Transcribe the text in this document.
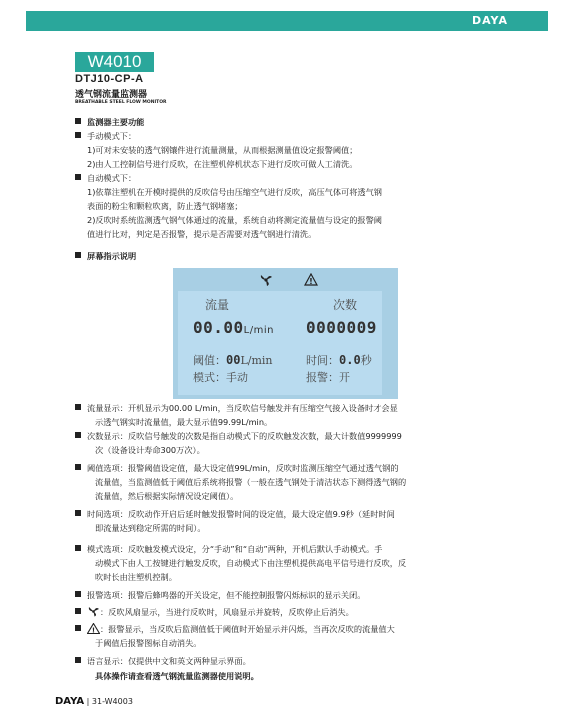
DAYA
W4010
DTJ10-CP-A
透气钢流量监测器
BREATHABLE STEEL FLOW MONITOR
监测器主要功能
手动模式下：
1)可对未安装的透气钢镶件进行流量测量，从而根据测量值设定报警阈值；
2)由人工控制信号进行反吹，在注塑机停机状态下进行反吹可做人工清洗。
自动模式下：
1)依靠注塑机在开模时提供的反吹信号由压缩空气进行反吹，高压气体可将透气钢
表面的粉尘和颗粒吹离，防止透气钢堵塞；
2)反吹时系统监测透气钢气体通过的流量，系统自动将测定流量值与设定的报警阈
值进行比对，判定是否报警，提示是否需要对透气钢进行清洗。
屏幕指示说明
!
流量	次数
00.00L/min 0000009
阈值：00L/min	时间：0.0秒
模式：手动	报警：开
流量显示：开机显示为00.00 L/min，当反吹信号触发并有压缩空气接入设备时才会显
示透气钢实时流量值，最大显示值99.99L/min。
次数显示：反吹信号触发的次数是指自动模式下的反吹触发次数，最大计数值9999999
次（设备设计寿命300万次）。
阈值选项：报警阈值设定值，最大设定值99L/min，反吹时监测压缩空气通过透气钢的
流量值，当监测值低于阈值后系统将报警（一般在透气钢处于清洁状态下测得透气钢的
流量值，然后根据实际情况设定阈值）。
时间选项：反吹动作开启后延时触发报警时间的设定值，最大设定值9.9秒（延时时间
即流量达到稳定所需的时间）。
模式选项：反吹触发模式设定，分“手动”和“自动”两种，开机后默认手动模式。手
动模式下由人工按键进行触发反吹，自动模式下由注塑机提供高电平信号进行反吹，反
吹时长由注塑机控制。
报警选项：报警后蜂鸣器的开关设定，但不能控制报警闪烁标识的显示关闭。
：反吹风扇显示，当进行反吹时，风扇显示并旋转，反吹停止后消失。
! ：报警显示，当反吹后监测值低于阈值时开始显示并闪烁，当再次反吹的流量值大
于阈值后报警图标自动消失。
语言显示：仅提供中文和英文两种显示界面。
具体操作请查看透气钢流量监测器使用说明。
DAYA | 31-W4003
